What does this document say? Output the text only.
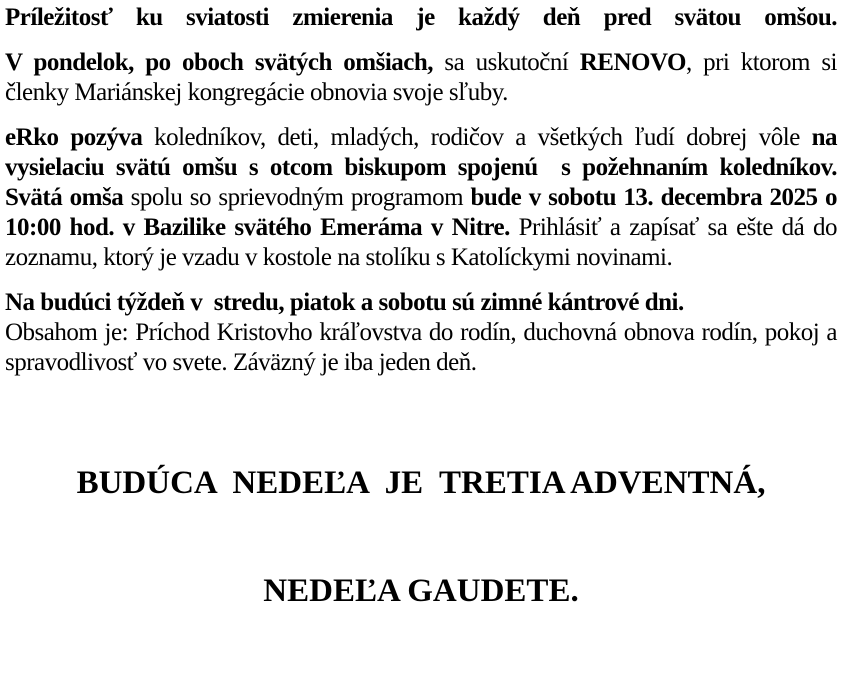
Príležitosť ku sviatosti zmierenia je každý deň pred svätou omšou.

V pondelok, po oboch svätých omšiach, sa uskutoční RENOVO, pri ktorom si členky Mariánskej kongregácie obnovia svoje sľuby.

eRko pozýva koledníkov, deti, mladých, rodičov a všetkých ľudí dobrej vôle na vysielaciu svätú omšu s otcom biskupom spojenú  s požehnaním koledníkov. Svätá omša spolu so sprievodným programom bude v sobotu 13. decembra 2025 o 10:00 hod. v Bazilike svätého Emeráma v Nitre. Prihlásiť a zapísať sa ešte dá do zoznamu, ktorý je vzadu v kostole na stolíku s Katolíckymi novinami.

Na budúci týždeň v  stredu, piatok a sobotu sú zimné kántrové dni.
Obsahom je: Príchod Kristovho kráľovstva do rodín, duchovná obnova rodín, pokoj a spravodlivosť vo svete. Záväzný je iba jeden deň.

BUDÚCA  NEDEĽA  JE  TRETIA ADVENTNÁ,

NEDEĽA GAUDETE.
